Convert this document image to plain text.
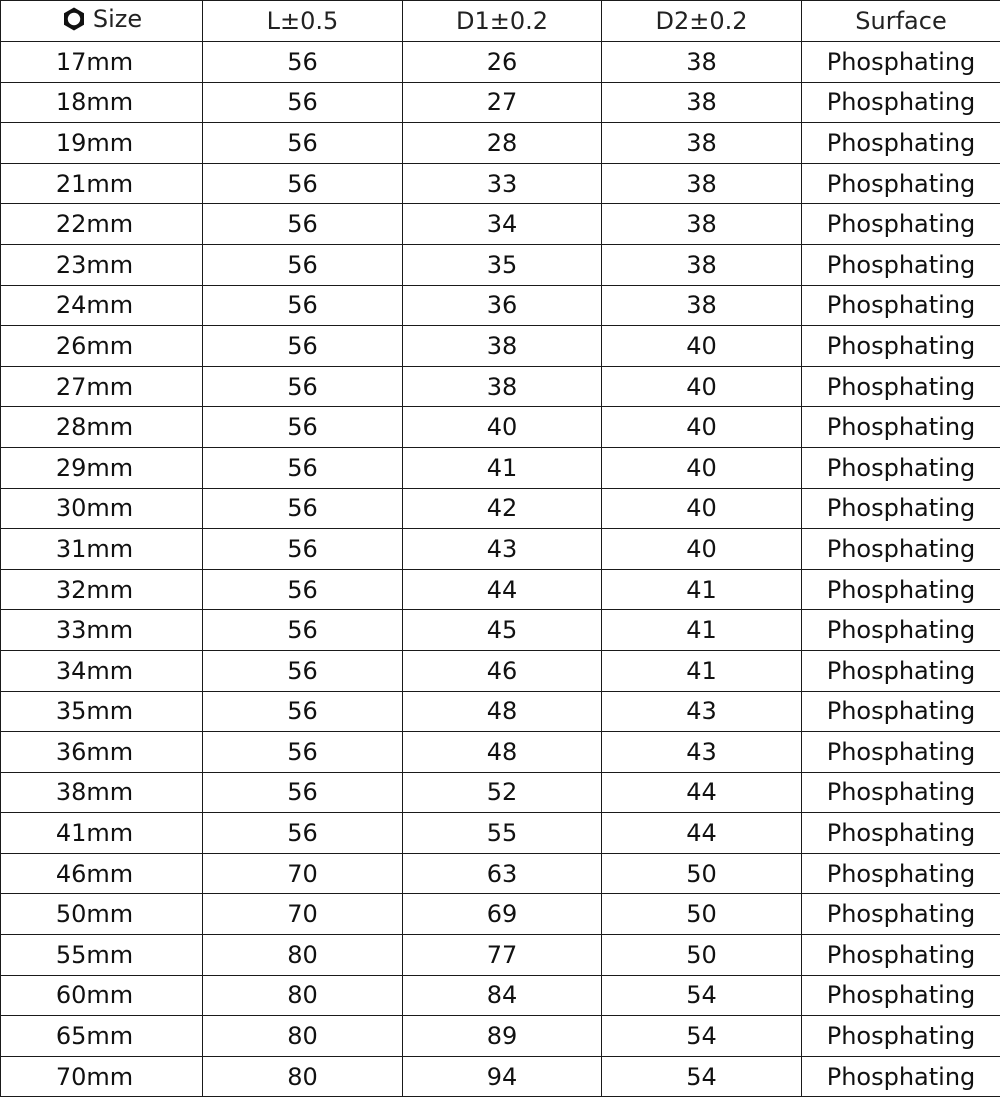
Size	L±0.5	D1±0.2	D2±0.2	Surface
17mm	56	26	38	Phosphating
18mm	56	27	38	Phosphating
19mm	56	28	38	Phosphating
21mm	56	33	38	Phosphating
22mm	56	34	38	Phosphating
23mm	56	35	38	Phosphating
24mm	56	36	38	Phosphating
26mm	56	38	40	Phosphating
27mm	56	38	40	Phosphating
28mm	56	40	40	Phosphating
29mm	56	41	40	Phosphating
30mm	56	42	40	Phosphating
31mm	56	43	40	Phosphating
32mm	56	44	41	Phosphating
33mm	56	45	41	Phosphating
34mm	56	46	41	Phosphating
35mm	56	48	43	Phosphating
36mm	56	48	43	Phosphating
38mm	56	52	44	Phosphating
41mm	56	55	44	Phosphating
46mm	70	63	50	Phosphating
50mm	70	69	50	Phosphating
55mm	80	77	50	Phosphating
60mm	80	84	54	Phosphating
65mm	80	89	54	Phosphating
70mm	80	94	54	Phosphating
